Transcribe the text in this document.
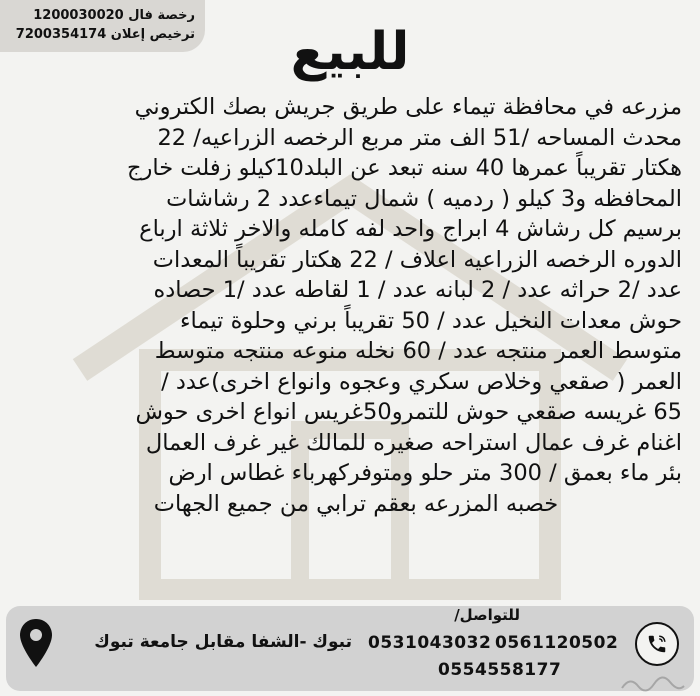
رخصة فال 1200030020
ترخيص إعلان 7200354174	للبيع
مزرعه في محافظة تيماء على طريق جريش بصك الكتروني
محدث المساحه /51 الف متر مربع الرخصه الزراعيه/ 22
هكتار تقريباً عمرها 40 سنه تبعد عن البلد10كيلو زفلت خارج
المحافظه و3 كيلو ( ردميه ) شمال تيماءعدد 2 رشاشات
برسيم كل رشاش 4 ابراج واحد لفه كامله والاخر ثلاثة ارباع
الدوره الرخصه الزراعيه اعلاف / 22 هكتار تقريباً المعدات
عدد /2 حراثه عدد / 2 لبانه عدد / 1 لقاطه عدد /1 حصاده
حوش معدات النخيل عدد / 50 تقريباً برني وحلوة تيماء
متوسط العمر منتجه عدد / 60 نخله منوعه منتجه متوسط
العمر ( صقعي وخلاص سكري وعجوه وانواع اخرى)عدد /
65 غريسه صقعي حوش للتمرو50غريس انواع اخرى حوش
اغنام غرف عمال استراحه صغيره للمالك غير غرف العمال
بئر ماء بعمق / 300 متر حلو ومتوفركهرباء غطاس ارض
خصبه المزرعه بعقم ترابي من جميع الجهات
للتواصل/
تبوك -الشفا مقابل جامعة تبوك	0561120502
0531043032
0554558177
